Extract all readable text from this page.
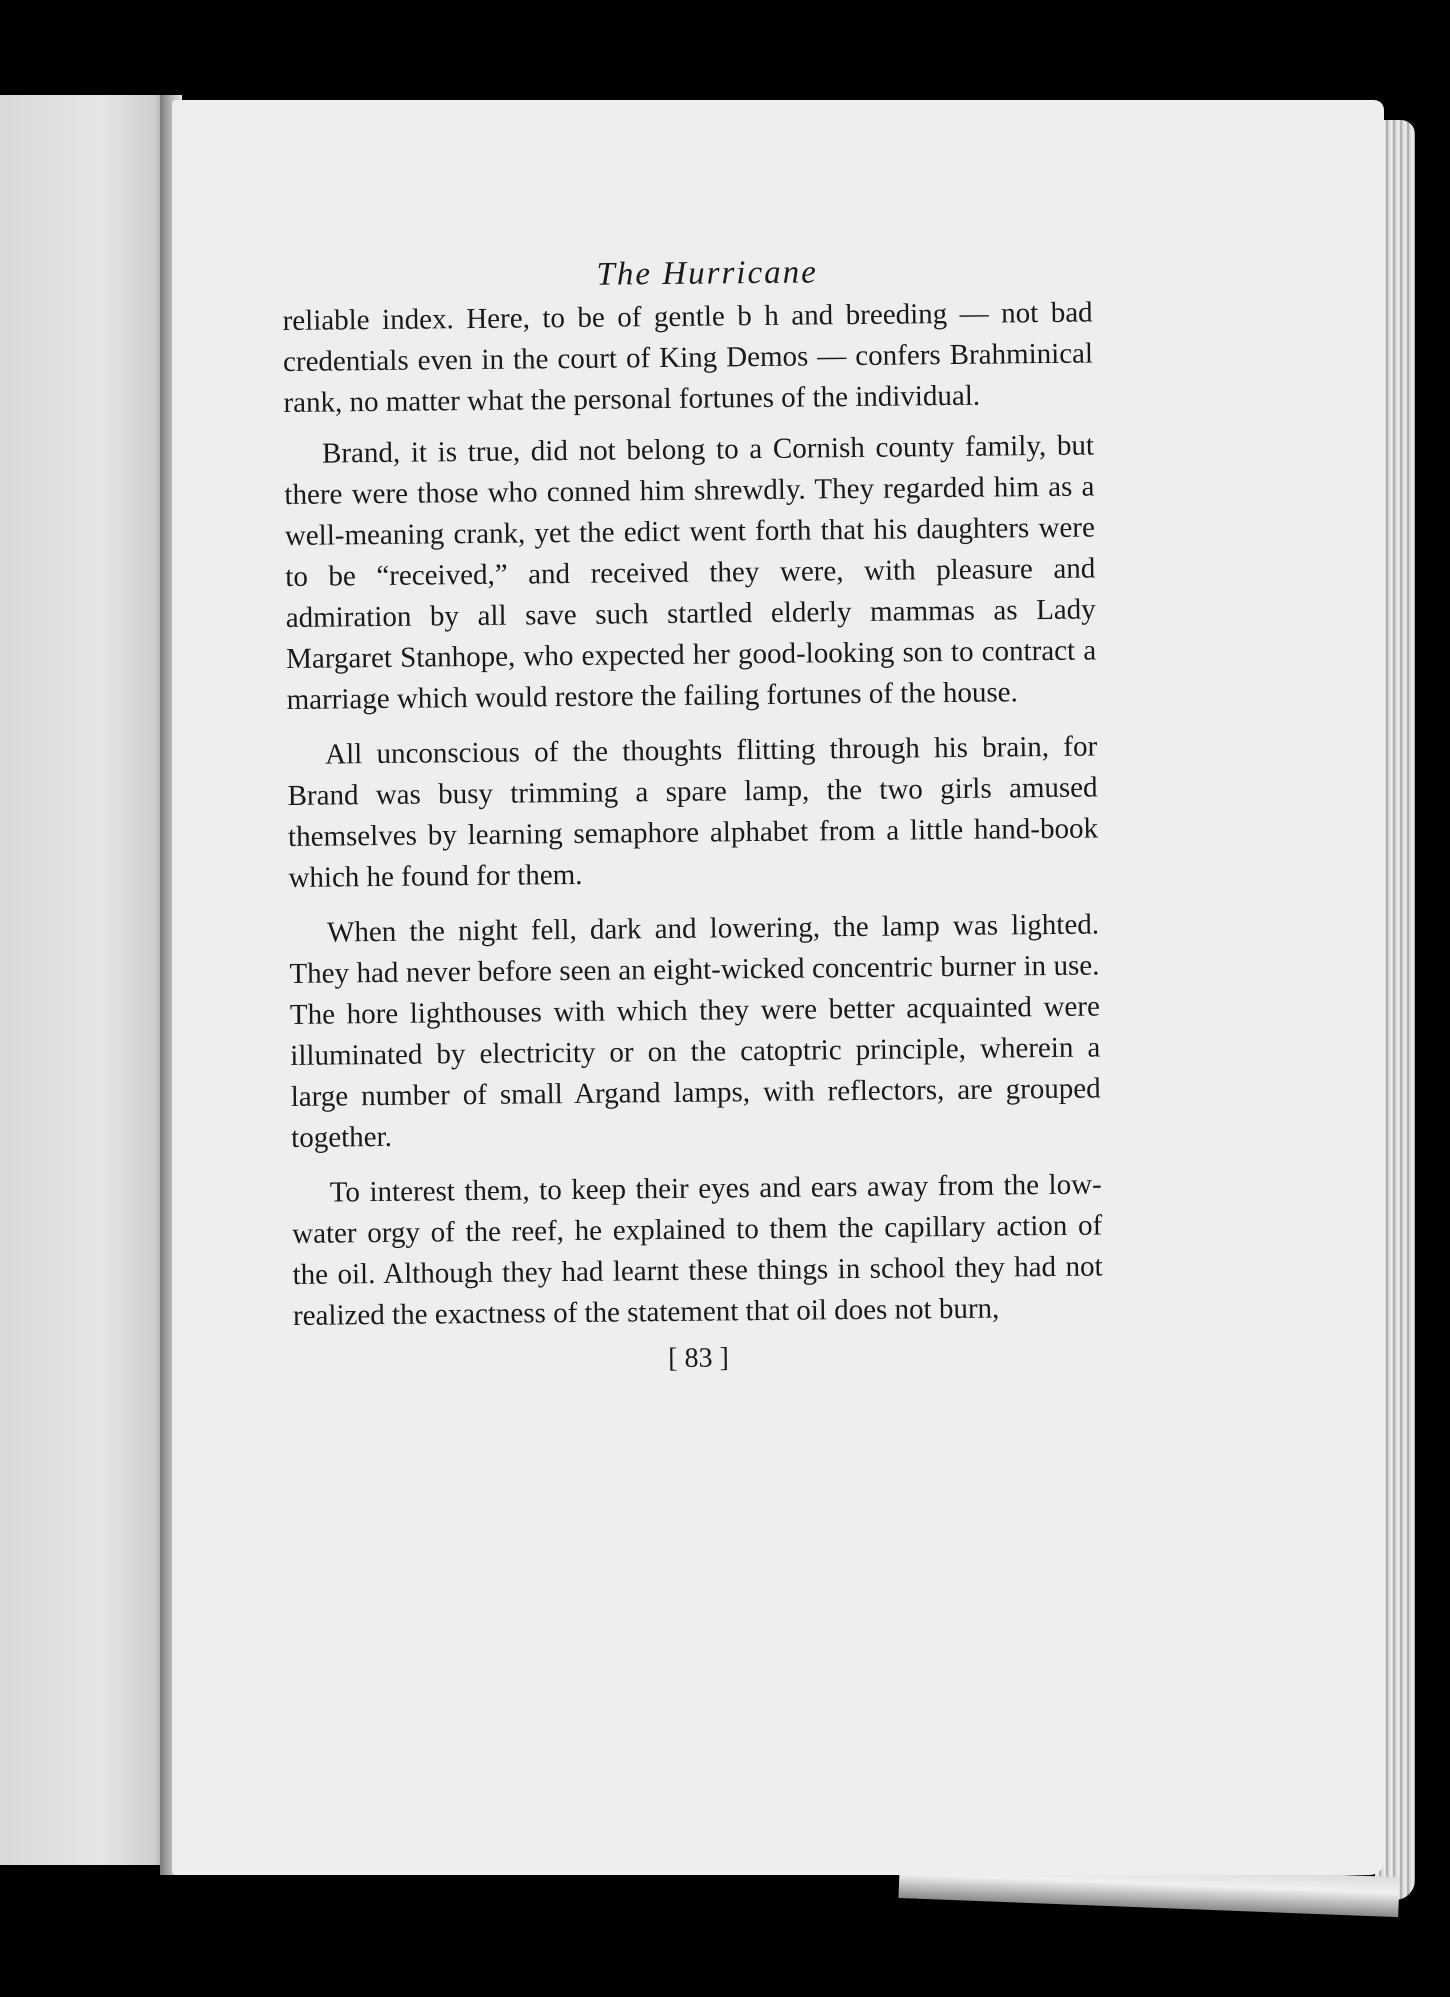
The Hurricane

reliable index. Here, to be of gentle b h and breeding — not bad credentials even in the court of King Demos — confers Brahminical rank, no matter what the personal fortunes of the individual.

Brand, it is true, did not belong to a Cornish county family, but there were those who conned him shrewdly. They regarded him as a well-meaning crank, yet the edict went forth that his daughters were to be “received,” and received they were, with pleasure and admiration by all save such startled elderly mammas as Lady Margaret Stanhope, who expected her good-looking son to contract a marriage which would restore the failing fortunes of the house.

All unconscious of the thoughts flitting through his brain, for Brand was busy trimming a spare lamp, the two girls amused themselves by learning semaphore alphabet from a little hand-book which he found for them.

When the night fell, dark and lowering, the lamp was lighted. They had never before seen an eight-wicked concentric burner in use. The hore lighthouses with which they were better acquainted were illuminated by electricity or on the catoptric principle, wherein a large number of small Argand lamps, with reflectors, are grouped together.

To interest them, to keep their eyes and ears away from the low-water orgy of the reef, he explained to them the capillary action of the oil. Although they had learnt these things in school they had not realized the exactness of the statement that oil does not burn,

[ 83 ]
